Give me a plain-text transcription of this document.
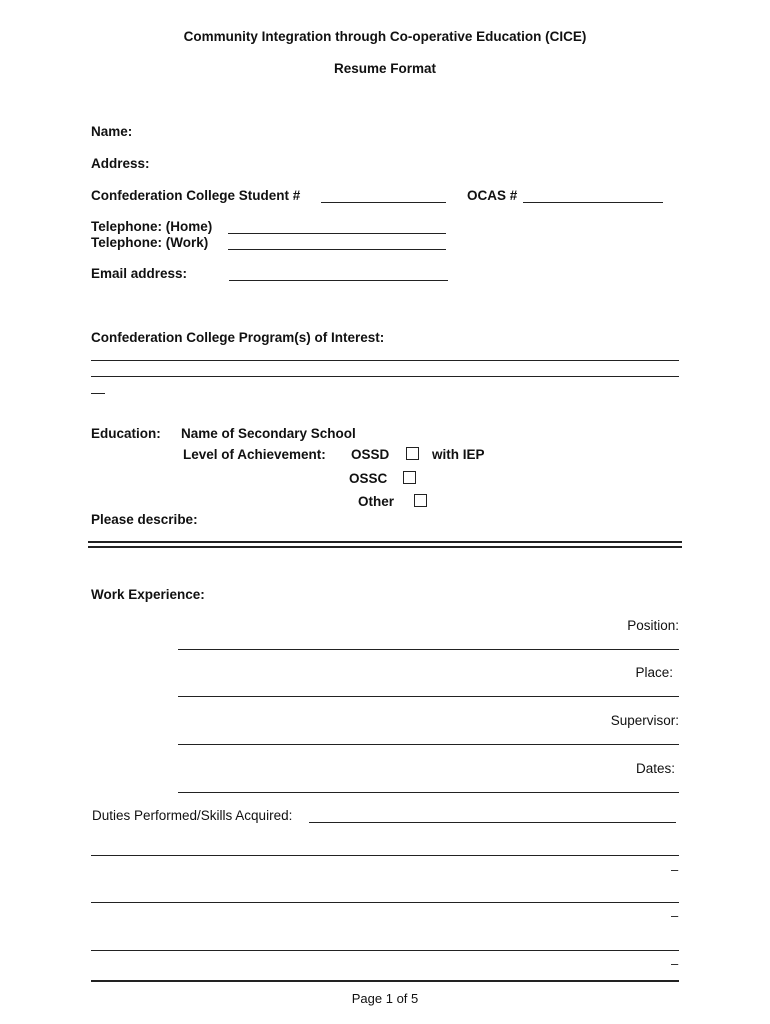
Community Integration through Co-operative Education (CICE)
Resume Format
Name:
Address:
Confederation College Student #	OCAS #
Telephone: (Home)
Telephone: (Work)
Email address:
Confederation College Program(s) of Interest:
Education: Name of Secondary School
Level of Achievement: OSSD	with IEP
OSSC
Other
Please describe:
Work Experience:
Position:
Place:
Supervisor:
Dates:
Duties Performed/Skills Acquired:
–
–
–
Page 1 of 5
